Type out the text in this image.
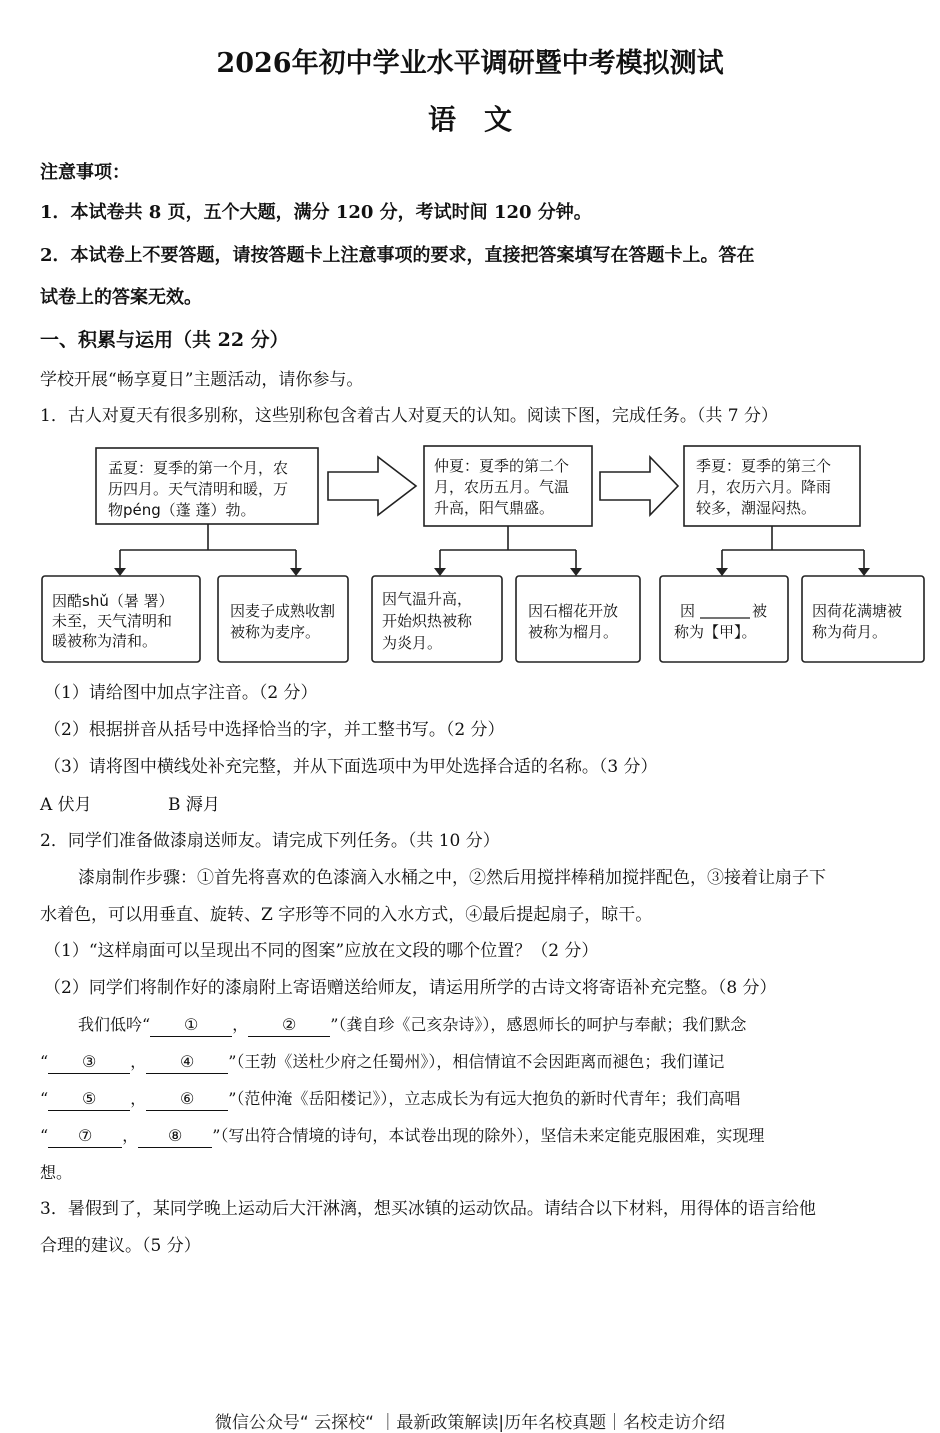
2026年初中学业水平调研暨中考模拟测试
语　文
注意事项：
1．本试卷共 8 页，五个大题，满分 120 分，考试时间 120 分钟。
2．本试卷上不要答题，请按答题卡上注意事项的要求，直接把答案填写在答题卡上。答在
试卷上的答案无效。
一、积累与运用（共 22 分）
学校开展“畅享夏日”主题活动，请你参与。
1．古人对夏天有很多别称，这些别称包含着古人对夏天的认知。阅读下图，完成任务。（共 7 分）
孟夏：夏季的第一个月，农
历四月。天气清明和暖，万
物péng（蓬 蓬）勃。
仲夏：夏季的第二个
月，农历五月。气温
升高，阳气鼎盛。
季夏：夏季的第三个
月，农历六月。降雨
较多，潮湿闷热。
因酷shǔ（暑 署）
未至，天气清明和
暖被称为清和。
因麦子成熟收割
被称为麦序。
因气温升高，
开始炽热被称
为炎月。
因石榴花开放
被称为榴月。
因	被
称为【甲】。
因荷花满塘被
称为荷月。
（1）请给图中加点字注音。（2 分）
（2）根据拼音从括号中选择恰当的字，并工整书写。（2 分）
（3）请将图中横线处补充完整，并从下面选项中为甲处选择合适的名称。（3 分）
A 伏月	B 溽月
2．同学们准备做漆扇送师友。请完成下列任务。（共 10 分）
漆扇制作步骤：①首先将喜欢的色漆滴入水桶之中，②然后用搅拌棒稍加搅拌配色，③接着让扇子下
水着色，可以用垂直、旋转、Z 字形等不同的入水方式，④最后提起扇子，晾干。
（1）“这样扇面可以呈现出不同的图案”应放在文段的哪个位置？（2 分）
（2）同学们将制作好的漆扇附上寄语赠送给师友，请运用所学的古诗文将寄语补充完整。（8 分）
我们低吟“ ① ， ② ”（龚自珍《己亥杂诗》），感恩师长的呵护与奉献；我们默念
“ ③ ， ④ ”（王勃《送杜少府之任蜀州》），相信情谊不会因距离而褪色；我们谨记
“ ⑤ ， ⑥ ”（范仲淹《岳阳楼记》），立志成长为有远大抱负的新时代青年；我们高唱
“ ⑦ ， ⑧ ”（写出符合情境的诗句，本试卷出现的除外），坚信未来定能克服困难，实现理
想。
3．暑假到了，某同学晚上运动后大汗淋漓，想买冰镇的运动饮品。请结合以下材料，用得体的语言给他
合理的建议。（5 分）
微信公众号“ 云探校“ ｜最新政策解读|历年名校真题｜名校走访介绍
